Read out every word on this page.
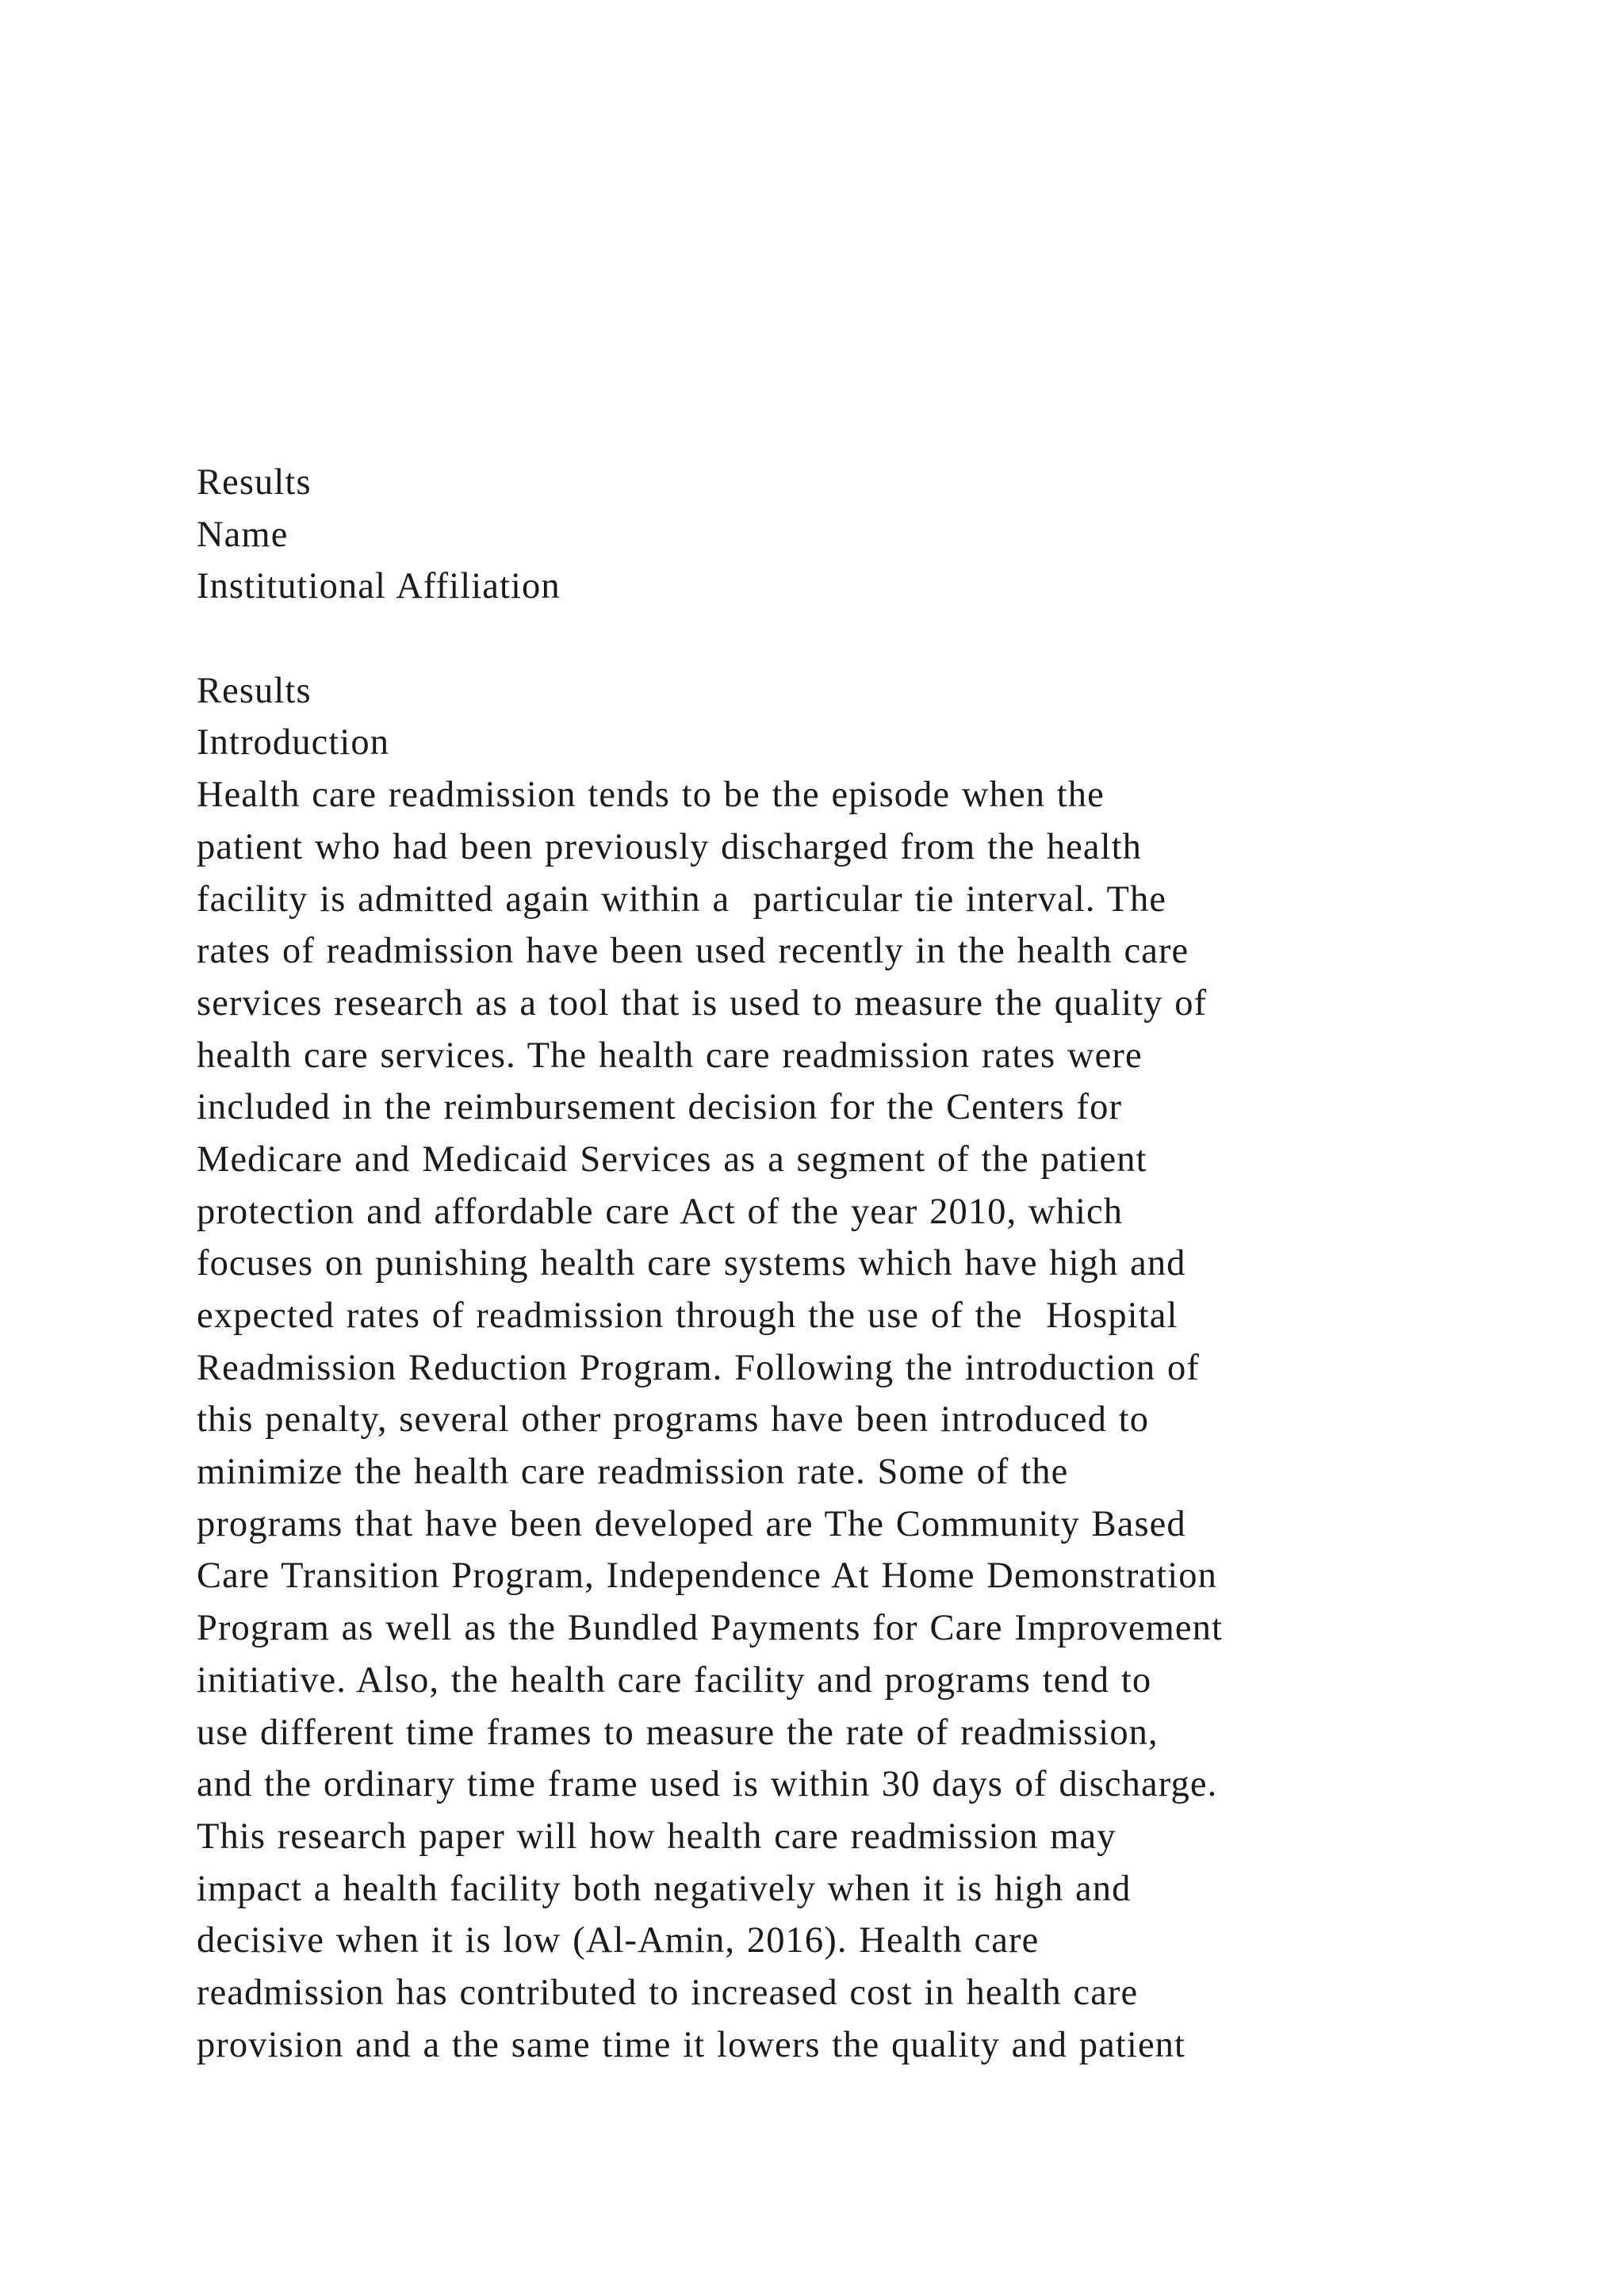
Results
Name
Institutional Affiliation
Results
Introduction
Health care readmission tends to be the episode when the
patient who had been previously discharged from the health
facility is admitted again within a  particular tie interval. The
rates of readmission have been used recently in the health care
services research as a tool that is used to measure the quality of
health care services. The health care readmission rates were
included in the reimbursement decision for the Centers for
Medicare and Medicaid Services as a segment of the patient
protection and affordable care Act of the year 2010, which
focuses on punishing health care systems which have high and
expected rates of readmission through the use of the  Hospital
Readmission Reduction Program. Following the introduction of
this penalty, several other programs have been introduced to
minimize the health care readmission rate. Some of the
programs that have been developed are The Community Based
Care Transition Program, Independence At Home Demonstration
Program as well as the Bundled Payments for Care Improvement
initiative. Also, the health care facility and programs tend to
use different time frames to measure the rate of readmission,
and the ordinary time frame used is within 30 days of discharge.
This research paper will how health care readmission may
impact a health facility both negatively when it is high and
decisive when it is low (Al-Amin, 2016). Health care
readmission has contributed to increased cost in health care
provision and a the same time it lowers the quality and patient
